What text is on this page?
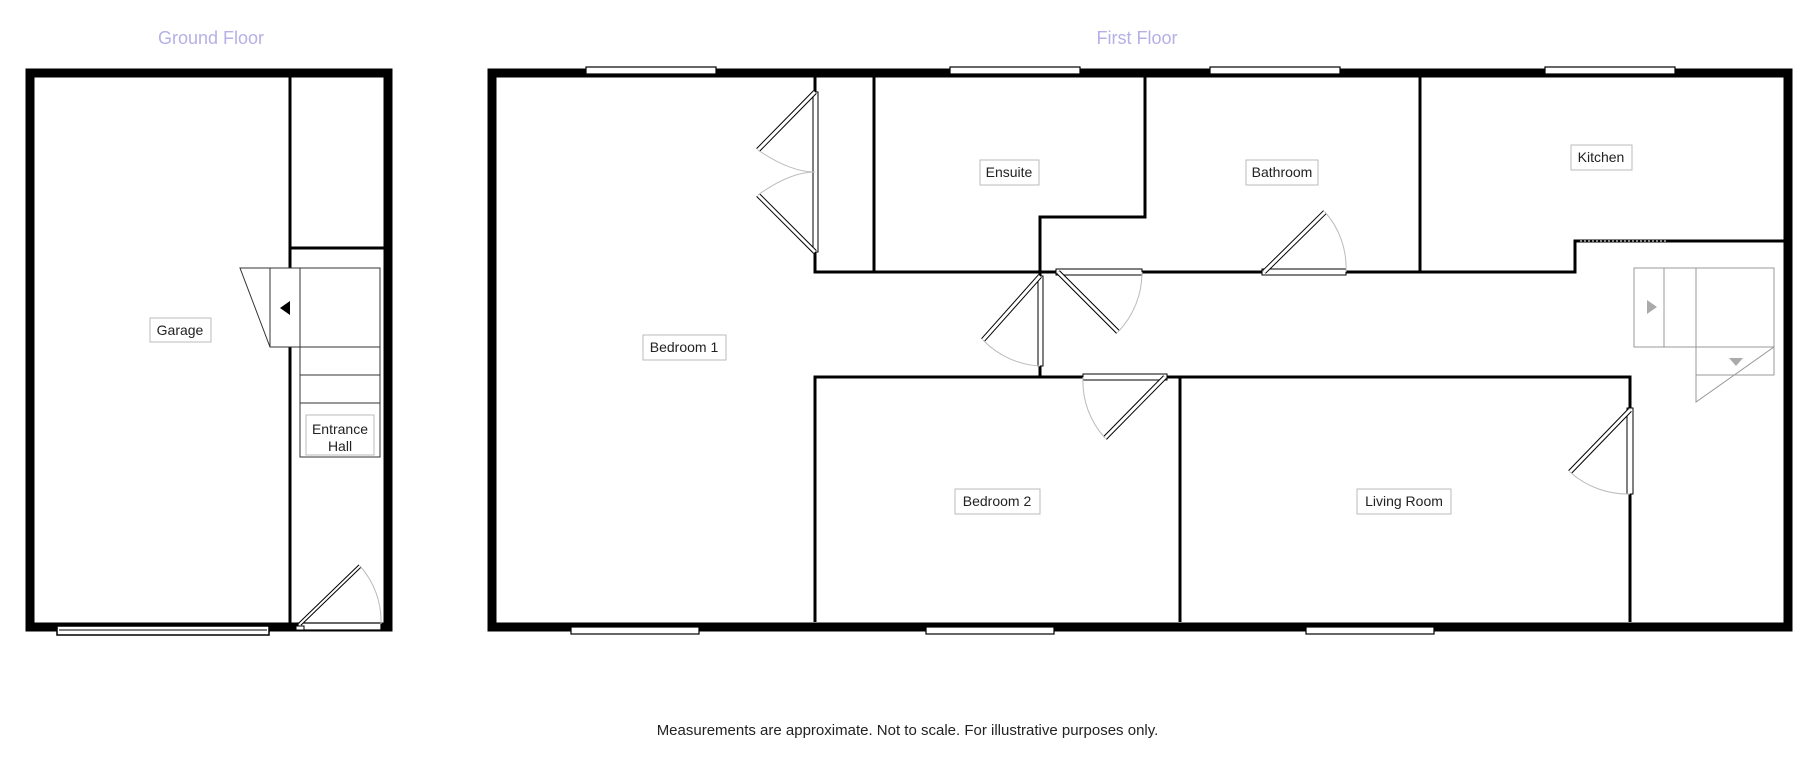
Ground Floor	First Floor
Garage
Entrance
Hall
Bedroom 1
Ensuite	Bathroom
Kitchen
Bedroom 2	Living Room
Measurements are approximate. Not to scale. For illustrative purposes only.
